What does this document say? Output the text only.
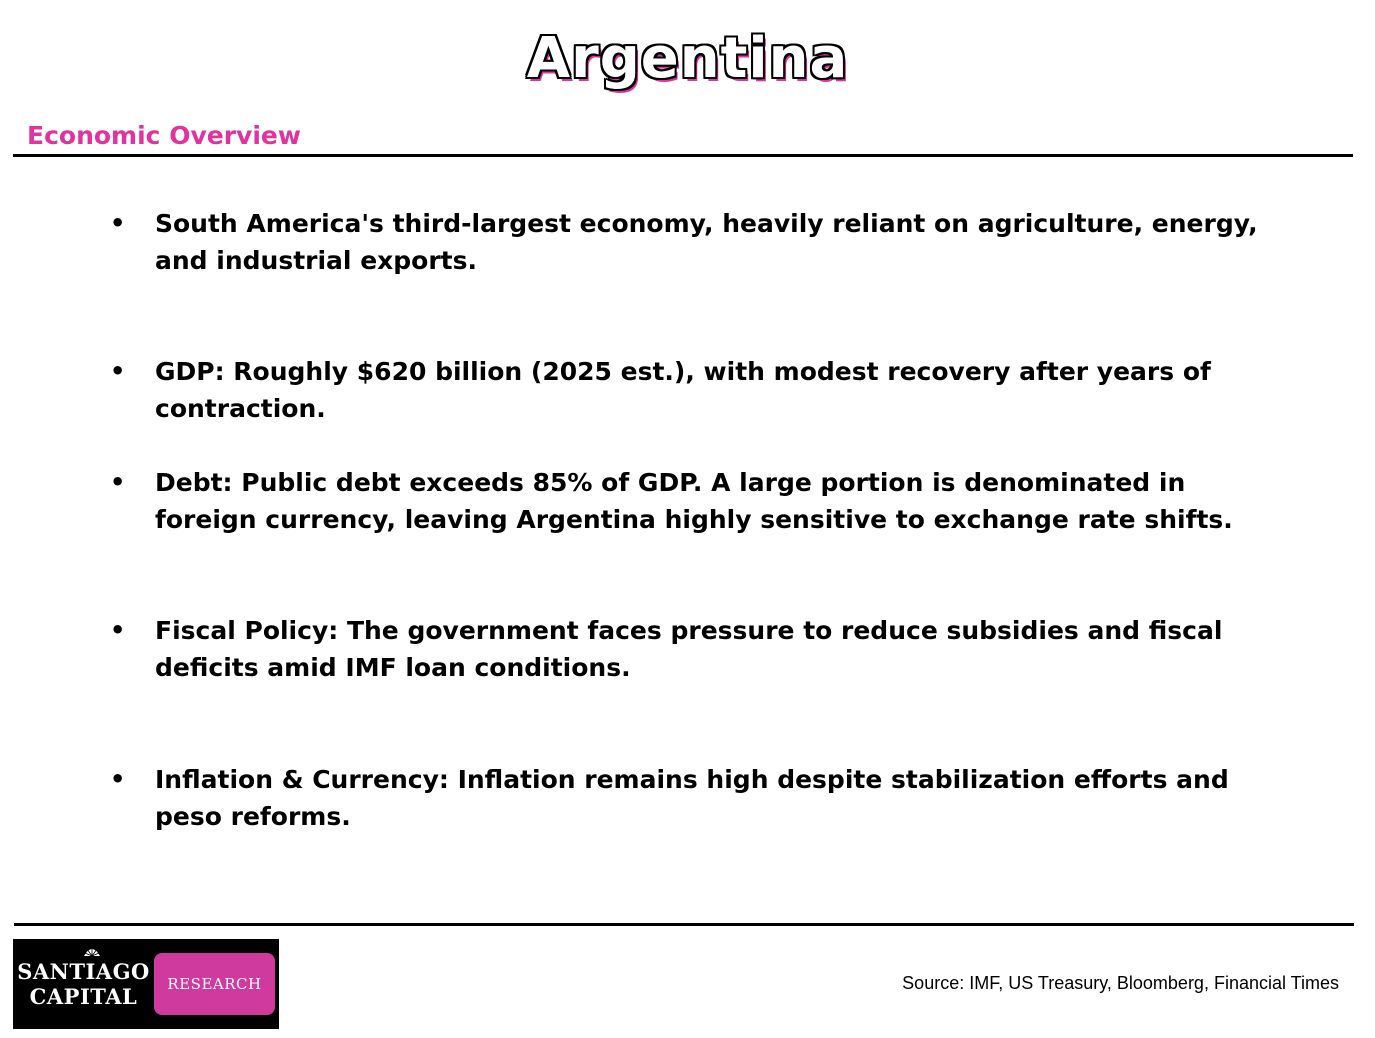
Argentina
Economic Overview
• South America's third-largest economy, heavily reliant on agriculture, energy, and industrial exports.
• GDP: Roughly $620 billion (2025 est.), with modest recovery after years of contraction.
• Debt: Public debt exceeds 85% of GDP. A large portion is denominated in foreign currency, leaving Argentina highly sensitive to exchange rate shifts.
• Fiscal Policy: The government faces pressure to reduce subsidies and fiscal deficits amid IMF loan conditions.
• Inflation & Currency: Inflation remains high despite stabilization efforts and peso reforms.
SANTIAGO
CAPITAL	RESEARCH	Source: IMF, US Treasury, Bloomberg, Financial Times
